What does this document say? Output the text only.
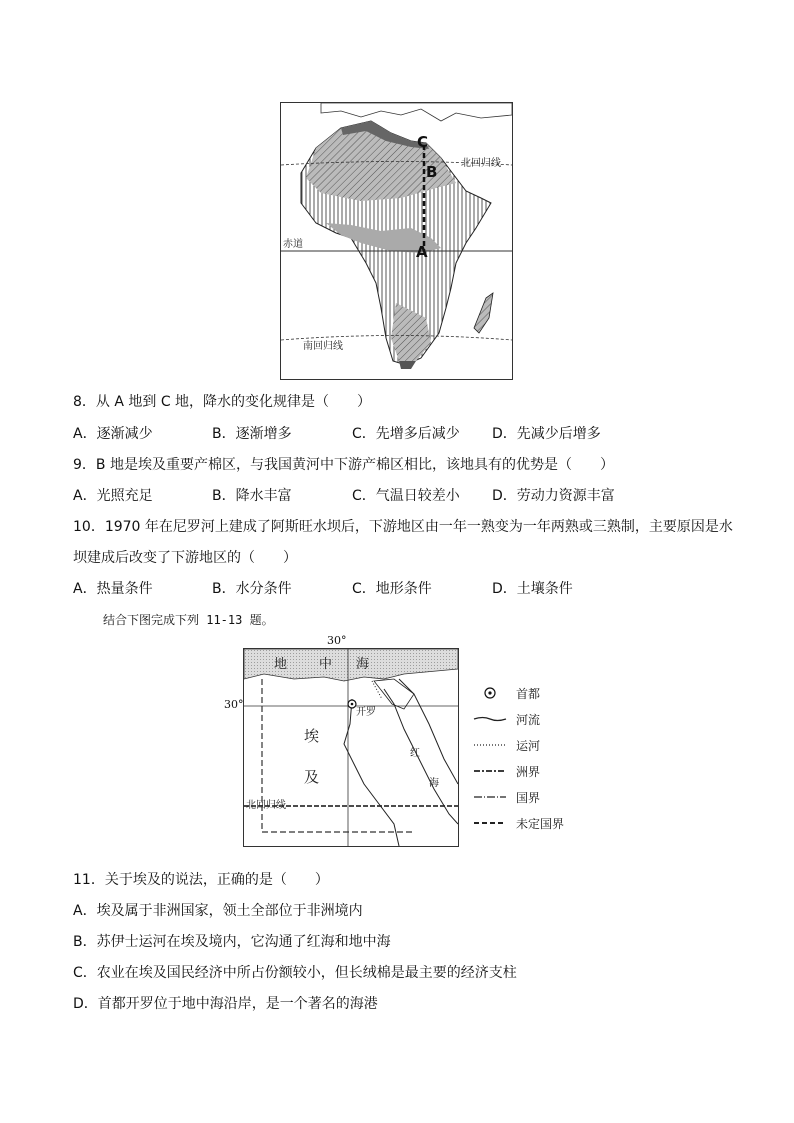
北回归线
赤道
南回归线
C
B
A
8．从 A 地到 C 地，降水的变化规律是（　　）
A．逐渐减少	B．逐渐增多	C．先增多后减少 D．先减少后增多
9．B 地是埃及重要产棉区，与我国黄河中下游产棉区相比，该地具有的优势是（　　）
A．光照充足	B．降水丰富	C．气温日较差小 D．劳动力资源丰富
10．1970 年在尼罗河上建成了阿斯旺水坝后，下游地区由一年一熟变为一年两熟或三熟制，主要原因是水
坝建成后改变了下游地区的（　　）
A．热量条件	B．水分条件	C．地形条件	D．土壤条件
结合下图完成下列 11-13 题。
30°
30°
地 中 海
开罗
埃
及
红
海
北回归线
首都
河流
运河
洲界
国界
未定国界
11．关于埃及的说法，正确的是（　　）
A．埃及属于非洲国家，领土全部位于非洲境内
B．苏伊士运河在埃及境内，它沟通了红海和地中海
C．农业在埃及国民经济中所占份额较小，但长绒棉是最主要的经济支柱
D．首都开罗位于地中海沿岸，是一个著名的海港
